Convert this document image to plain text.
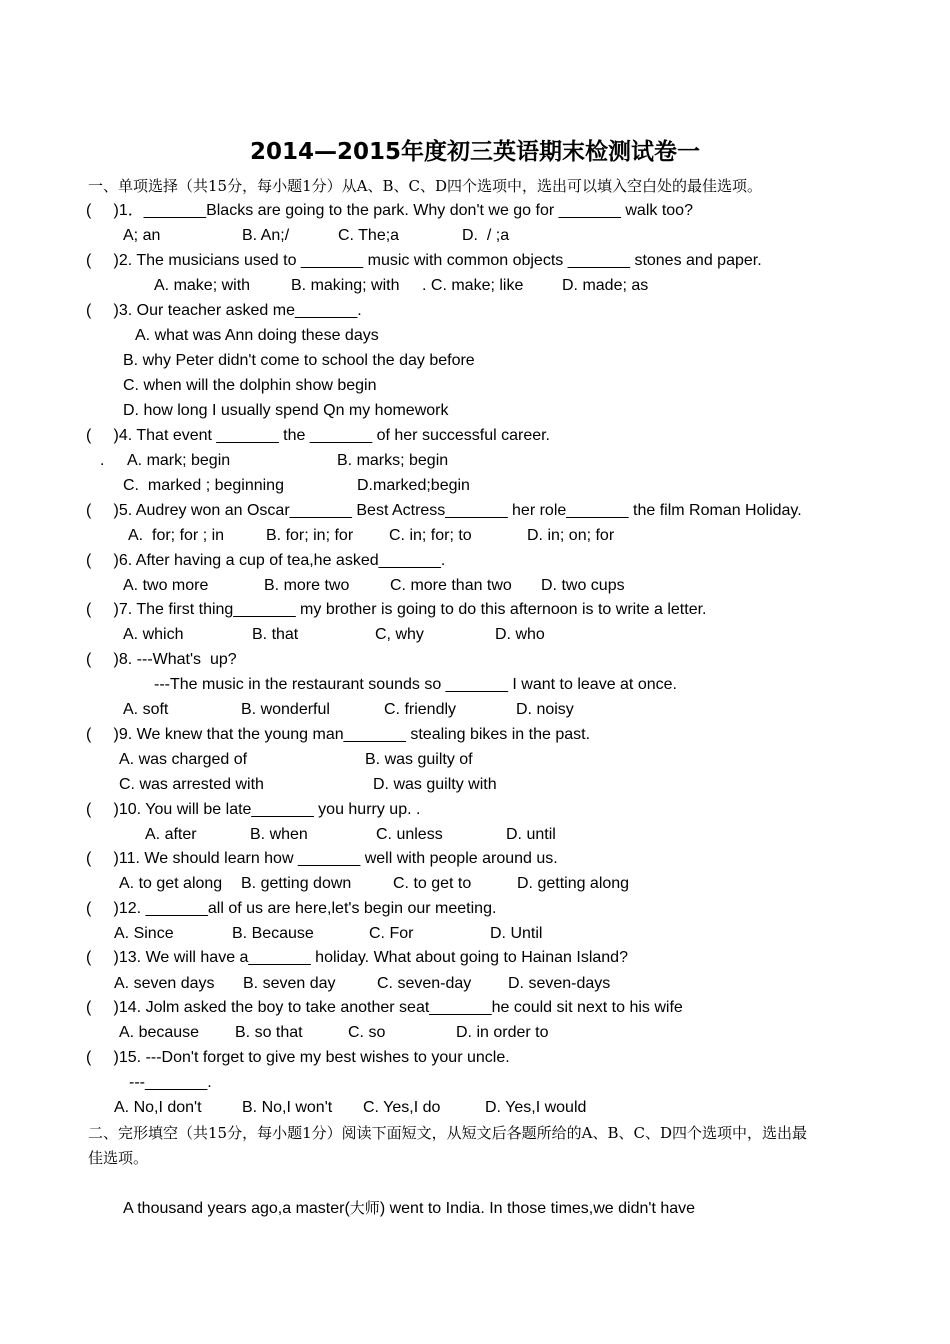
2014—2015年度初三英语期末检测试卷一
一、单项选择（共15分，每小题1分）从A、B、C、D四个选项中，选出可以填入空白处的最佳选项。
(     )1．_______Blacks are going to the park. Why don't we go for _______ walk too?
A; an	B. An;/	C. The;a	D.  / ;a
(     )2. The musicians used to _______ music with common objects _______ stones and paper.
A. make; with	B. making; with . C. make; like D. made; as
(     )3. Our teacher asked me_______.
A. what was Ann doing these days
B. why Peter didn't come to school the day before
C. when will the dolphin show begin
D. how long I usually spend Qn my homework
(     )4. That event _______ the _______ of her successful career.
. A. mark; begin	B. marks; begin
C.  marked ; beginning	D.marked;begin
(     )5. Audrey won an Oscar_______ Best Actress_______ her role_______ the film Roman Holiday.
A.  for; for ; in	B. for; in; for C. in; for; to	D. in; on; for
(     )6. After having a cup of tea,he asked_______.
A. two more	B. more two	C. more than two D. two cups
(     )7. The first thing_______ my brother is going to do this afternoon is to write a letter.
A. which	B. that	C, why	D. who
(     )8. ---What's  up?
---The music in the restaurant sounds so _______ I want to leave at once.
A. soft	B. wonderful	C. friendly	D. noisy
(     )9. We knew that the young man_______ stealing bikes in the past.
A. was charged of	B. was guilty of
C. was arrested with	D. was guilty with
(     )10. You will be late_______ you hurry up. .
A. after	B. when	C. unless	D. until
(     )11. We should learn how _______ well with people around us.
A. to get along B. getting down	C. to get to	D. getting along
(     )12. _______all of us are here,let's begin our meeting.
A. Since	B. Because	C. For	D. Until
(     )13. We will have a_______ holiday. What about going to Hainan Island?
A. seven days B. seven day	C. seven-day D. seven-days
(     )14. Jolm asked the boy to take another seat_______he could sit next to his wife
A. because B. so that	C. so	D. in order to
(     )15. ---Don't forget to give my best wishes to your uncle.
---_______.
A. No,I don't	B. No,I won't C. Yes,I do	D. Yes,I would
二、完形填空（共15分，每小题1分）阅读下面短文，从短文后各题所给的A、B、C、D四个选项中，选出最
佳选项。
A thousand years ago,a master(大师) went to India. In those times,we didn't have
